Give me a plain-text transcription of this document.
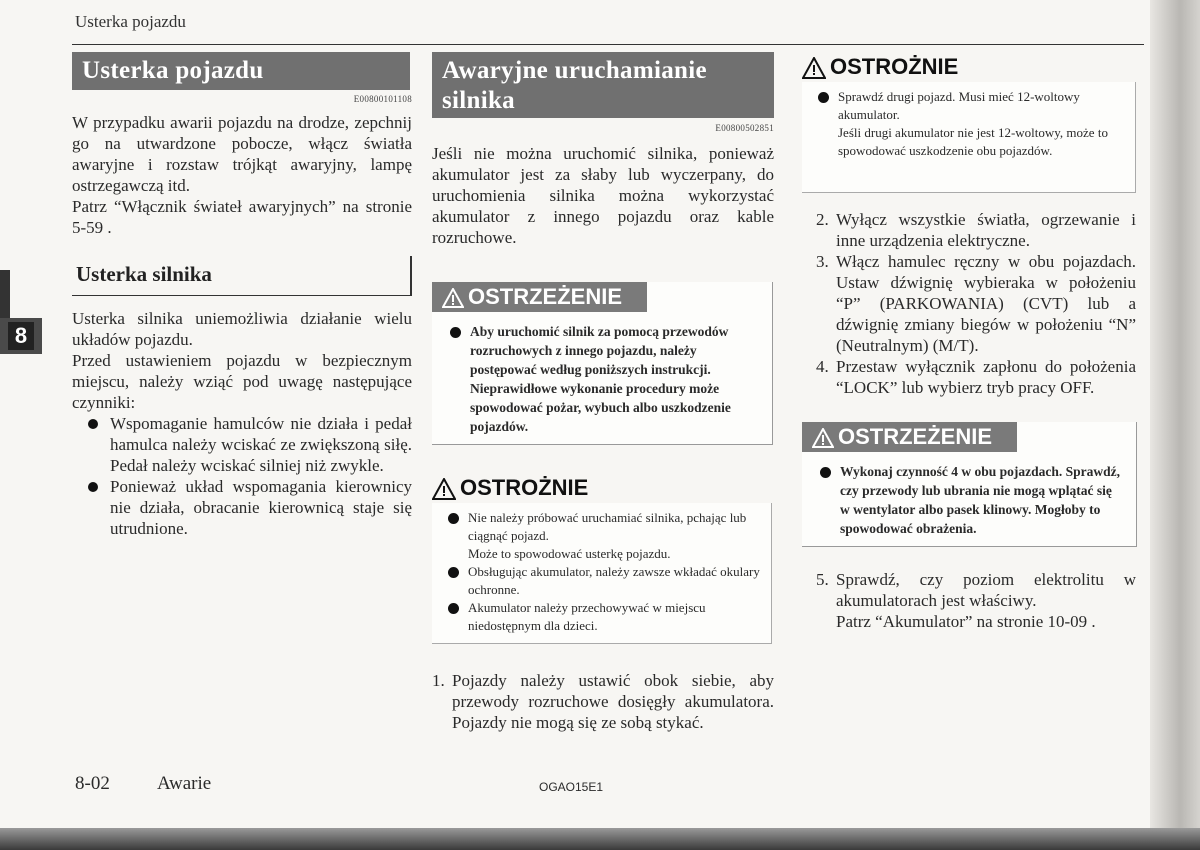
Usterka pojazdu
8
Usterka pojazdu
E00800101108

W przypadku awarii pojazdu na drodze, zepchnij go na utwardzone pobocze, włącz światła awaryjne i rozstaw trójkąt awaryjny, lampę ostrzegawczą itd.

Patrz “Włącznik świateł awaryjnych” na stronie 5-59 .

Usterka silnika

Usterka silnika uniemożliwia działanie wielu układów pojazdu.

Przed ustawieniem pojazdu w bezpiecznym miejscu, należy wziąć pod uwagę następujące czynniki:

Wspomaganie hamulców nie działa i pedał hamulca należy wciskać ze zwiększoną siłę. Pedał należy wciskać silniej niż zwykle.
Ponieważ układ wspomagania kierownicy nie działa, obracanie kierownicą staje się utrudnione.
Awaryjne uruchamianie
silnika
E00800502851
Jeśli nie można uruchomić silnika, ponieważ akumulator jest za słaby lub wyczerpany, do uruchomienia silnika można wykorzystać akumulator z innego pojazdu oraz kable rozruchowe.
OSTRZEŻENIE
Aby uruchomić silnik za pomocą przewodów rozruchowych z innego pojazdu, należy postępować według poniższych instrukcji. Nieprawidłowe wykonanie procedury może spowodować pożar, wybuch albo uszkodzenie pojazdów.
OSTROŻNIE
Nie należy próbować uruchamiać silnika, pchając lub ciągnąć pojazd.
Może to spowodować usterkę pojazdu.
Obsługując akumulator, należy zawsze wkładać okulary ochronne.
Akumulator należy przechowywać w miejscu niedostępnym dla dzieci.
1. Pojazdy należy ustawić obok siebie, aby przewody rozruchowe dosięgły akumulatora. Pojazdy nie mogą się ze sobą stykać.
OSTROŻNIE
Sprawdź drugi pojazd. Musi mieć 12-woltowy akumulator.
Jeśli drugi akumulator nie jest 12-woltowy, może to spowodować uszkodzenie obu pojazdów.
2. Wyłącz wszystkie światła, ogrzewanie i inne urządzenia elektryczne.
3. Włącz hamulec ręczny w obu pojazdach. Ustaw dźwignię wybieraka w położeniu “P” (PARKOWANIA) (CVT) lub a dźwignię zmiany biegów w położeniu “N” (Neutralnym) (M/T).
4. Przestaw wyłącznik zapłonu do położenia “LOCK” lub wybierz tryb pracy OFF.
OSTRZEŻENIE
Wykonaj czynność 4 w obu pojazdach. Sprawdź, czy przewody lub ubrania nie mogą wplątać się w wentylator albo pasek klinowy. Mogłoby to spowodować obrażenia.
5. Sprawdź, czy poziom elektrolitu w akumulatorach jest właściwy.
Patrz “Akumulator” na stronie 10-09 .
8-02 Awarie	OGAO15E1
